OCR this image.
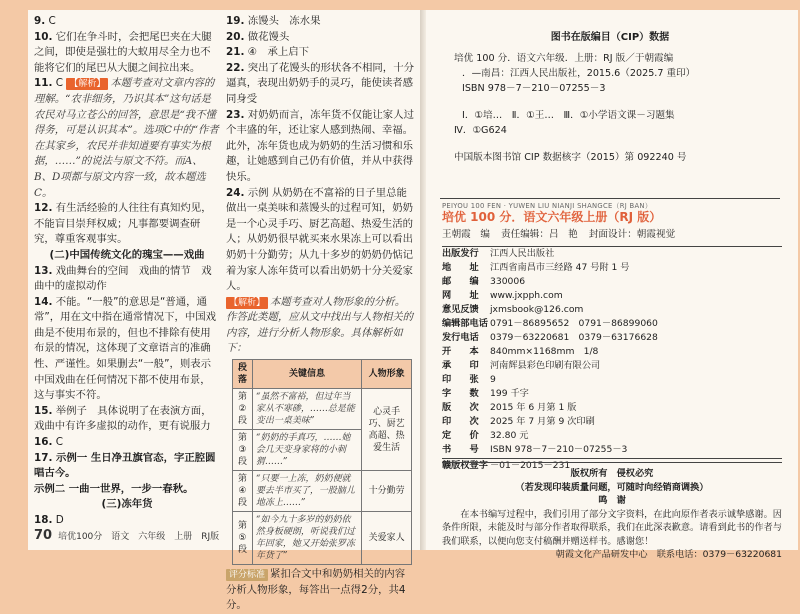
9. C
10. 它们在争斗时，会把尾巴夹在大腿之间，即使是强壮的大蚁用尽全力也不能将它们的尾巴从大腿之间拉出来。
11. C 【解析】 本题考查对文章内容的理解。“农非细务，乃识其本”这句话是农民对马立苍公的回答，意思是“我不懂得务，可是认识其本”。选项C中的“作者在其家乡，农民并非知道要有事实为根据，……”的说法与原文不符。而A、B、D项都与原文内容一致，故本题选C。
12. 有生活经验的人往往有真知灼见，不能盲目崇拜权威；凡事都要调查研究，尊重客观事实。
(二)中国传统文化的瑰宝——戏曲
13. 戏曲舞台的空间　戏曲的情节　戏曲中的虚拟动作
14. 不能。“一般”的意思是“普通，通常”，用在文中指在通常情况下，中国戏曲是不使用布景的，但也不排除有使用布景的情况，这体现了文章语言的准确性、严谨性。如果删去“一般”，则表示中国戏曲在任何情况下都不使用布景，这与事实不符。
15. 举例子　具体说明了在表演方面，戏曲中有许多虚拟的动作，更有说服力
16. C
17. 示例一 生日净丑旗官态，字正腔圆唱古今。
示例二 一曲一世界，一步一春秋。
(三)冻年货
18. D
19. 冻馒头　冻水果
20. 做花馒头
21. ④　承上启下
22. 突出了花馒头的形状各不相同，十分逼真，表现出奶奶手的灵巧，能使读者感同身受
23. 对奶奶而言，冻年货不仅能让家人过个丰盛的年，还让家人感到热闹、幸福。此外，冻年货也成为奶奶的生活习惯和乐趣，让她感到自己仍有价值，并从中获得快乐。
24. 示例 从奶奶在不富裕的日子里总能做出一桌美味和蒸馒头的过程可知，奶奶是一个心灵手巧、厨艺高超、热爱生活的人；从奶奶很早就买来水果冻上可以看出奶奶十分勤劳；从九十多岁的奶奶仍惦记着为家人冻年货可以看出奶奶十分关爱家人。
【解析】 本题考查对人物形象的分析。作答此类题，应从文中找出与人物相关的内容，进行分析人物形象。具体解析如下：
段落	关键信息	人物形象
第②段	“虽然不富裕，但过年当家从不寒碜，……总是能变出一桌美味”	心灵手巧、厨艺高超、热爱生活
第③段	“奶奶的手真巧，……她会几天变身家将的小刺猬……”	
第④段	“只要一上冻，奶奶便就要去半市买了，一股脑儿地冻上……”	十分勤劳
第⑤段	“如今九十多岁的奶奶依然身板硬朗，听说我们过年回家，她又开始张罗冻年货了”	关爱家人
评分标准 紧扣合文中和奶奶相关的内容分析人物形象，每答出一点得2分，共4分。
70 培优100分　语文　六年级　上册　RJ版
图书在版编目（CIP）数据
培优 100 分．语文六年级．上册：RJ 版／于朝霞编
．—南昌：江西人民出版社，2015.6（2025.7 重印）
ISBN 978－7－210－07255－3
Ⅰ．①培…　Ⅱ．①王…　Ⅲ．①小学语文课－习题集
Ⅳ．①G624
中国版本图书馆 CIP 数据核字（2015）第 092240 号
PEIYOU 100 FEN · YUWEN LIU NIANJI SHANGCE（RJ BAN）
培优 100 分．语文六年级上册（RJ 版）
王朝霞　编 责任编辑：吕　艳 封面设计：朝霞视觉
出版发行	江西人民出版社
地　　址	江西省南昌市三经路 47 号附 1 号
邮　　编	330006
网　　址	www.jxpph.com
意见反馈	jxmsbook@126.com
编辑部电话 0791－86895652　0791－86899060
发行电话	0379－63220681　0379－63176628
开　　本	840mm×1168mm　1/8
承　　印	河南辉县彩色印刷有限公司
印　　张	9
字　　数	199 千字
版　　次	2015 年 6 月第 1 版
印　　次	2025 年 7 月第 9 次印刷
定　　价	32.80 元
书　　号	ISBN 978－7－210－07255－3
赣版权登字 －01－2015－231
版权所有　侵权必究
（若发现印装质量问题，可随时向经销商调换）
鸣　谢
在本书编写过程中，我们引用了部分文字资料，在此向原作者表示诚挚感谢。因条件所限，未能及时与部分作者取得联系，我们在此深表歉意。请看到此书的作者与我们联系，以便向您支付稿酬并赠送样书。感谢您！
朝霞文化产品研发中心　联系电话：0379－63220681
